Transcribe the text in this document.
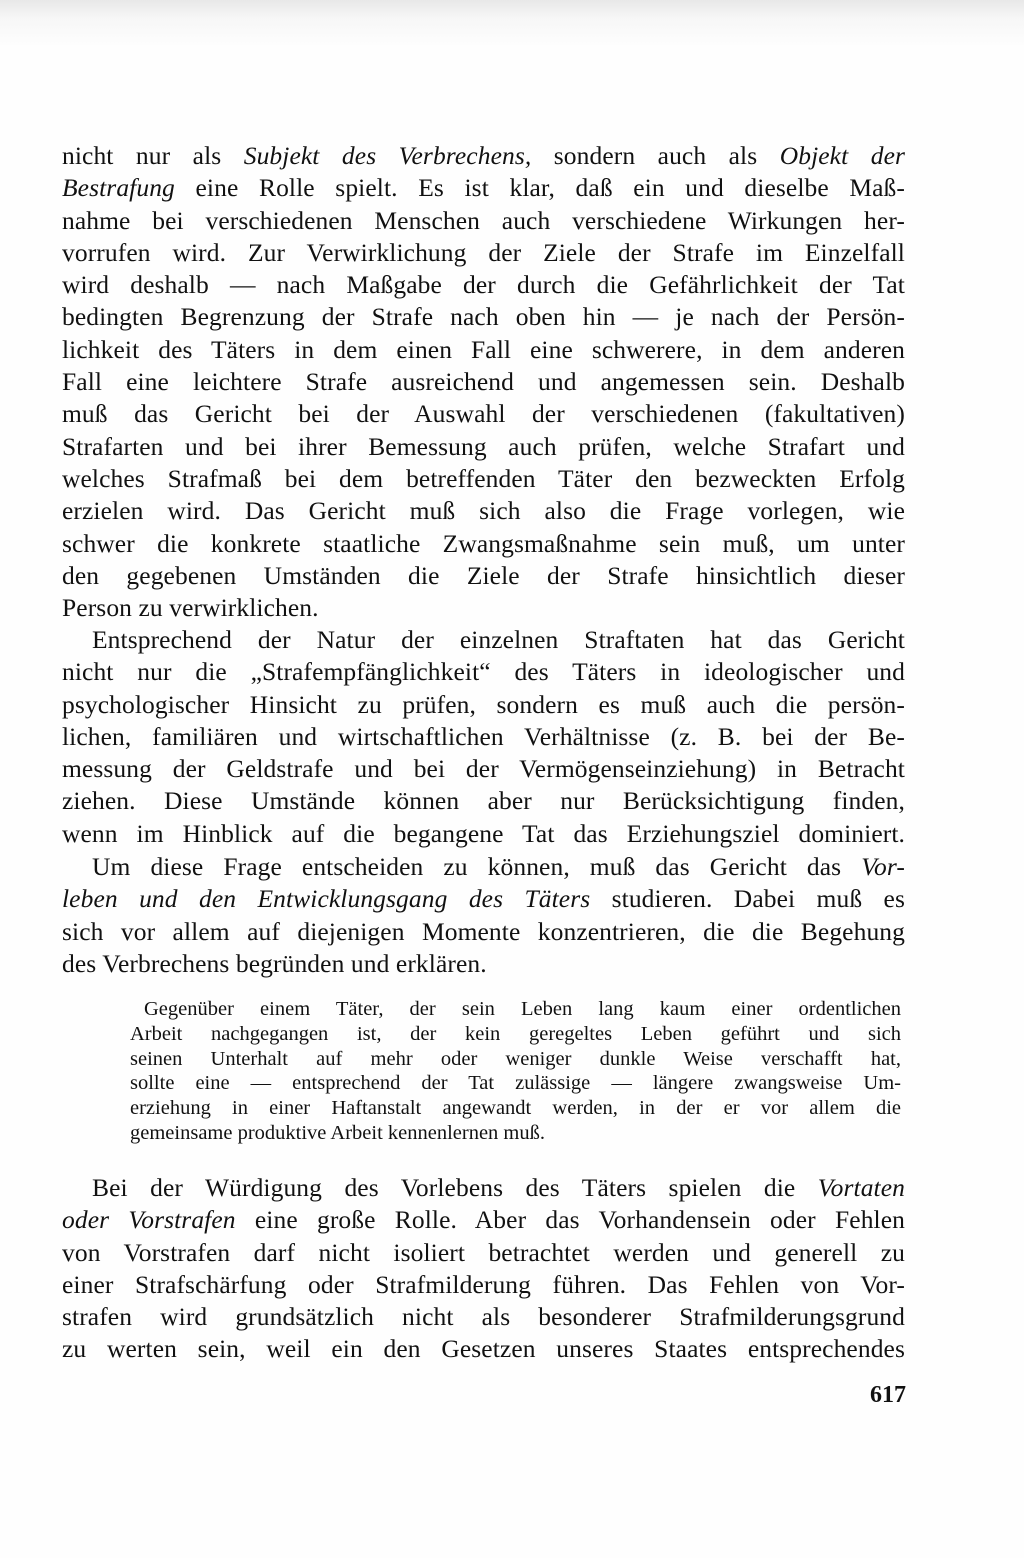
nicht nur als Subjekt des Verbrechens, sondern auch als Objekt der
Bestrafung eine Rolle spielt. Es ist klar, daß ein und dieselbe Maß-
nahme bei verschiedenen Menschen auch verschiedene Wirkungen her-
vorrufen wird. Zur Verwirklichung der Ziele der Strafe im Einzelfall
wird deshalb — nach Maßgabe der durch die Gefährlichkeit der Tat
bedingten Begrenzung der Strafe nach oben hin — je nach der Persön-
lichkeit des Täters in dem einen Fall eine schwerere, in dem anderen
Fall eine leichtere Strafe ausreichend und angemessen sein. Deshalb
muß das Gericht bei der Auswahl der verschiedenen (fakultativen)
Strafarten und bei ihrer Bemessung auch prüfen, welche Strafart und
welches Strafmaß bei dem betreffenden Täter den bezweckten Erfolg
erzielen wird. Das Gericht muß sich also die Frage vorlegen, wie
schwer die konkrete staatliche Zwangsmaßnahme sein muß, um unter
den gegebenen Umständen die Ziele der Strafe hinsichtlich dieser
Person zu verwirklichen.
Entsprechend der Natur der einzelnen Straftaten hat das Gericht
nicht nur die „Strafempfänglichkeit“ des Täters in ideologischer und
psychologischer Hinsicht zu prüfen, sondern es muß auch die persön-
lichen, familiären und wirtschaftlichen Verhältnisse (z. B. bei der Be-
messung der Geldstrafe und bei der Vermögenseinziehung) in Betracht
ziehen. Diese Umstände können aber nur Berücksichtigung finden,
wenn im Hinblick auf die begangene Tat das Erziehungsziel dominiert.
Um diese Frage entscheiden zu können, muß das Gericht das Vor-
leben und den Entwicklungsgang des Täters studieren. Dabei muß es
sich vor allem auf diejenigen Momente konzentrieren, die die Begehung
des Verbrechens begründen und erklären.
Gegenüber einem Täter, der sein Leben lang kaum einer ordentlichen
Arbeit nachgegangen ist, der kein geregeltes Leben geführt und sich
seinen Unterhalt auf mehr oder weniger dunkle Weise verschafft hat,
sollte eine — entsprechend der Tat zulässige — längere zwangsweise Um-
erziehung in einer Haftanstalt angewandt werden, in der er vor allem die
gemeinsame produktive Arbeit kennenlernen muß.
Bei der Würdigung des Vorlebens des Täters spielen die Vortaten
oder Vorstrafen eine große Rolle. Aber das Vorhandensein oder Fehlen
von Vorstrafen darf nicht isoliert betrachtet werden und generell zu
einer Strafschärfung oder Strafmilderung führen. Das Fehlen von Vor-
strafen wird grundsätzlich nicht als besonderer Strafmilderungsgrund
zu werten sein, weil ein den Gesetzen unseres Staates entsprechendes
617
